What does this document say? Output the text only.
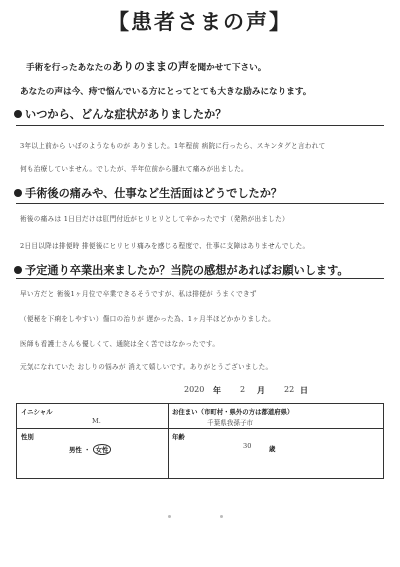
【患者さまの声】
手術を行ったあなたのありのままの声を聞かせて下さい。
あなたの声は今、痔で悩んでいる方にとってとても大きな励みになります。
いつから、どんな症状がありましたか？
3年以上前から いぼのようなものが ありました。1年程前 病院に行ったら、スキンタグと言われて
何も治療していません。でしたが、半年位前から腫れて痛みが出ました。
手術後の痛みや、仕事など生活面はどうでしたか？
術後の痛みは 1日目だけは肛門付近がヒリヒリとして辛かったです（発熱が出ました）
2日目以降は排便時 排便後にヒリヒリ痛みを感じる程度で、仕事に支障はありませんでした。
予定通り卒業出来ましたか？当院の感想があればお願いします。
早い方だと 術後1ヶ月位で卒業できるそうですが、私は排便が うまくできず
（便秘を下痢をしやすい）傷口の治りが 遅かった為、1ヶ月半ほどかかりました。
医師も看護士さんも優しくて、通院は全く苦ではなかったです。
元気になれていた おしりの悩みが 消えて嬉しいです。ありがとうございました。
2020 年 2 月 22 日
イニシャル
M.
お住まい（市町村・県外の方は都道府県）
千葉県我孫子市
性別
男性 ・ 女性
年齢
30	歳
